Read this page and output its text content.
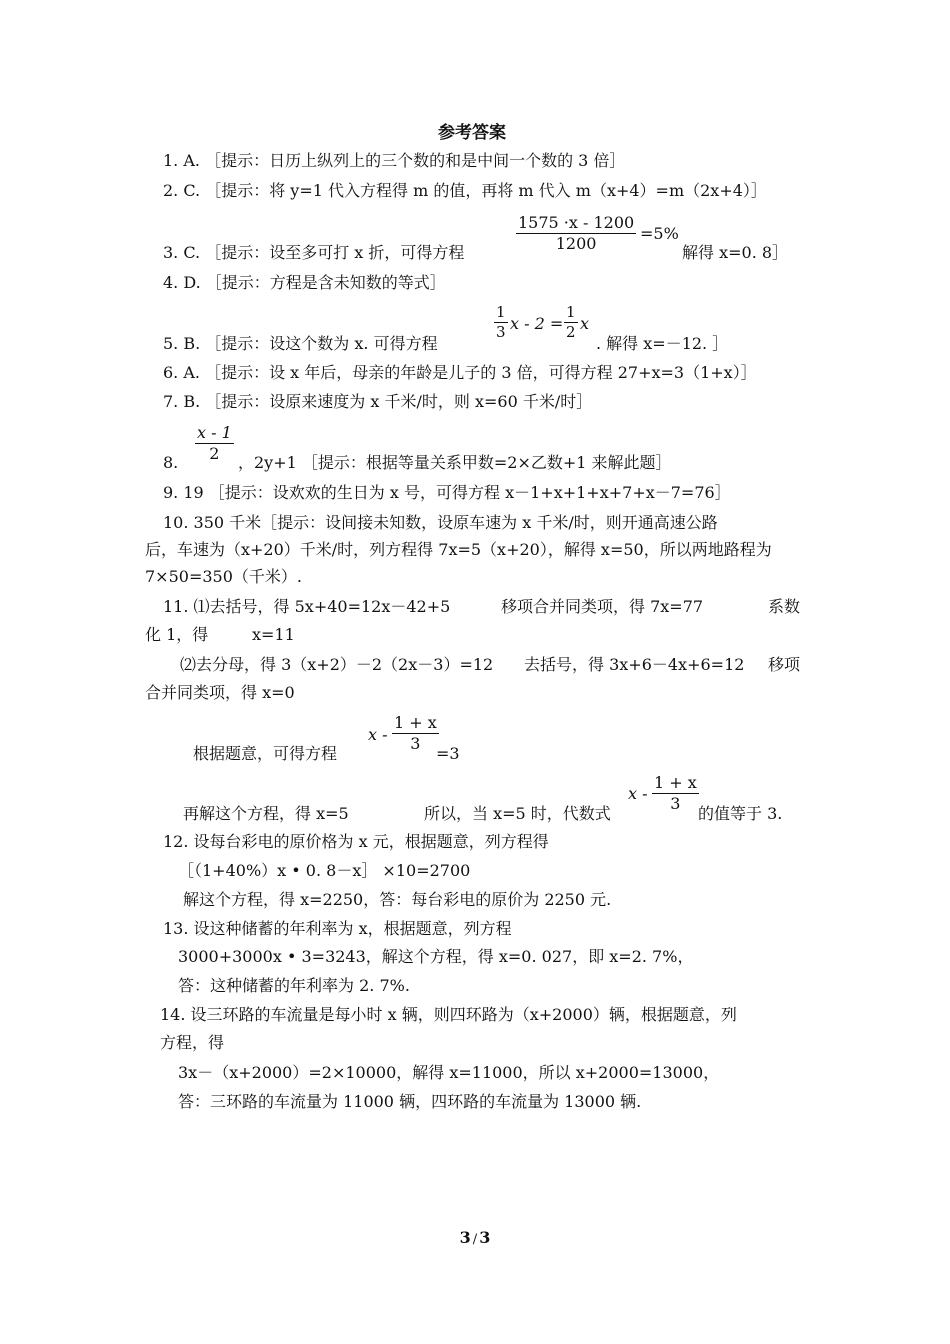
参考答案
1. A. ［提示：日历上纵列上的三个数的和是中间一个数的 3 倍］
2. C. ［提示：将 y=1 代入方程得 m 的值，再将 m 代入 m（x+4）=m（2x+4）］
3. C. ［提示：设至多可打 x 折，可得方程	$\frac{1575 \cdot x - 1200}{1200} =5\%$
解得 x=0. 8］
4. D. ［提示：方程是含未知数的等式］
5. B. ［提示：设这个数为 x. 可得方程
$\frac{1}{3}$ $x - 2 = \frac{1}{2}$ x
. 解得 x=－12. ］
6. A. ［提示：设 x 年后，母亲的年龄是儿子的 3 倍，可得方程 27+x=3（1+x）］
7. B. ［提示：设原来速度为 x 千米/时，则 x=60 千米/时］
8. $\frac{x - 1}{2}$ ，2y+1 ［提示：根据等量关系甲数=2×乙数+1 来解此题］
9. 19 ［提示：设欢欢的生日为 x 号，可得方程 x－1+x+1+x+7+x－7=76］
10. 350 千米［提示：设间接未知数，设原车速为 x 千米/时，则开通高速公路
后，车速为（x+20）千米/时，列方程得 7x=5（x+20），解得 x=50，所以两地路程为
7×50=350（千米）.
11. ⑴去括号，得 5x+40=12x－42+5	移项合并同类项，得 7x=77	系数
化 1，得	x=11
⑵去分母，得 3（x+2）－2（2x－3）=12 去括号，得 3x+6－4x+6=12 移项
合并同类项，得 x=0
根据题意，可得方程
x - $\frac{1 + x}{3}$
=3
再解这个方程，得 x=5	所以，当 x=5 时，代数式
x - $\frac{1 + x}{3}$ 的值等于 3.
12. 设每台彩电的原价格为 x 元，根据题意，列方程得
［（1+40%）x • 0. 8－x］ ×10=2700
解这个方程，得 x=2250，答：每台彩电的原价为 2250 元.
13. 设这种储蓄的年利率为 x，根据题意，列方程
3000+3000x • 3=3243，解这个方程，得 x=0. 027，即 x=2. 7%，
答：这种储蓄的年利率为 2. 7%.
14. 设三环路的车流量是每小时 x 辆，则四环路为（x+2000）辆，根据题意，列
方程，得
3x－（x+2000）=2×10000，解得 x=11000，所以 x+2000=13000，
答：三环路的车流量为 11000 辆，四环路的车流量为 13000 辆.
3 / 3
